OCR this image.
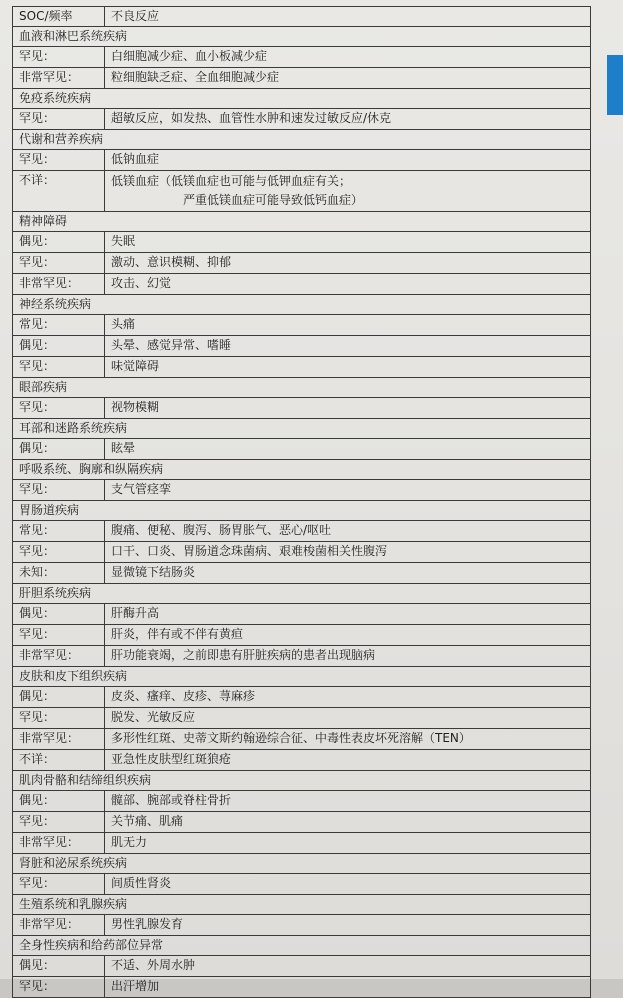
SOC/频率	不良反应
血液和淋巴系统疾病
罕见：	白细胞减少症、血小板减少症
非常罕见：	粒细胞缺乏症、全血细胞减少症
免疫系统疾病
罕见：	超敏反应，如发热、血管性水肿和速发过敏反应/休克
代谢和营养疾病
罕见：	低钠血症
不详：	低镁血症（低镁血症也可能与低钾血症有关；
严重低镁血症可能导致低钙血症）
精神障碍
偶见：	失眠
罕见：	激动、意识模糊、抑郁
非常罕见：	攻击、幻觉
神经系统疾病
常见：	头痛
偶见：	头晕、感觉异常、嗜睡
罕见：	味觉障碍
眼部疾病
罕见：	视物模糊
耳部和迷路系统疾病
偶见：	眩晕
呼吸系统、胸廓和纵隔疾病
罕见：	支气管痉挛
胃肠道疾病
常见：	腹痛、便秘、腹泻、肠胃胀气、恶心/呕吐
罕见：	口干、口炎、胃肠道念珠菌病、艰难梭菌相关性腹泻
未知：	显微镜下结肠炎
肝胆系统疾病
偶见：	肝酶升高
罕见：	肝炎，伴有或不伴有黄疸
非常罕见：	肝功能衰竭，之前即患有肝脏疾病的患者出现脑病
皮肤和皮下组织疾病
偶见：	皮炎、瘙痒、皮疹、荨麻疹
罕见：	脱发、光敏反应
非常罕见：	多形性红斑、史蒂文斯约翰逊综合征、中毒性表皮坏死溶解（TEN）
不详：	亚急性皮肤型红斑狼疮
肌肉骨骼和结缔组织疾病
偶见：	髋部、腕部或脊柱骨折
罕见：	关节痛、肌痛
非常罕见：	肌无力
肾脏和泌尿系统疾病
罕见：	间质性肾炎
生殖系统和乳腺疾病
非常罕见：	男性乳腺发育
全身性疾病和给药部位异常
偶见：	不适、外周水肿
罕见：	出汗增加
